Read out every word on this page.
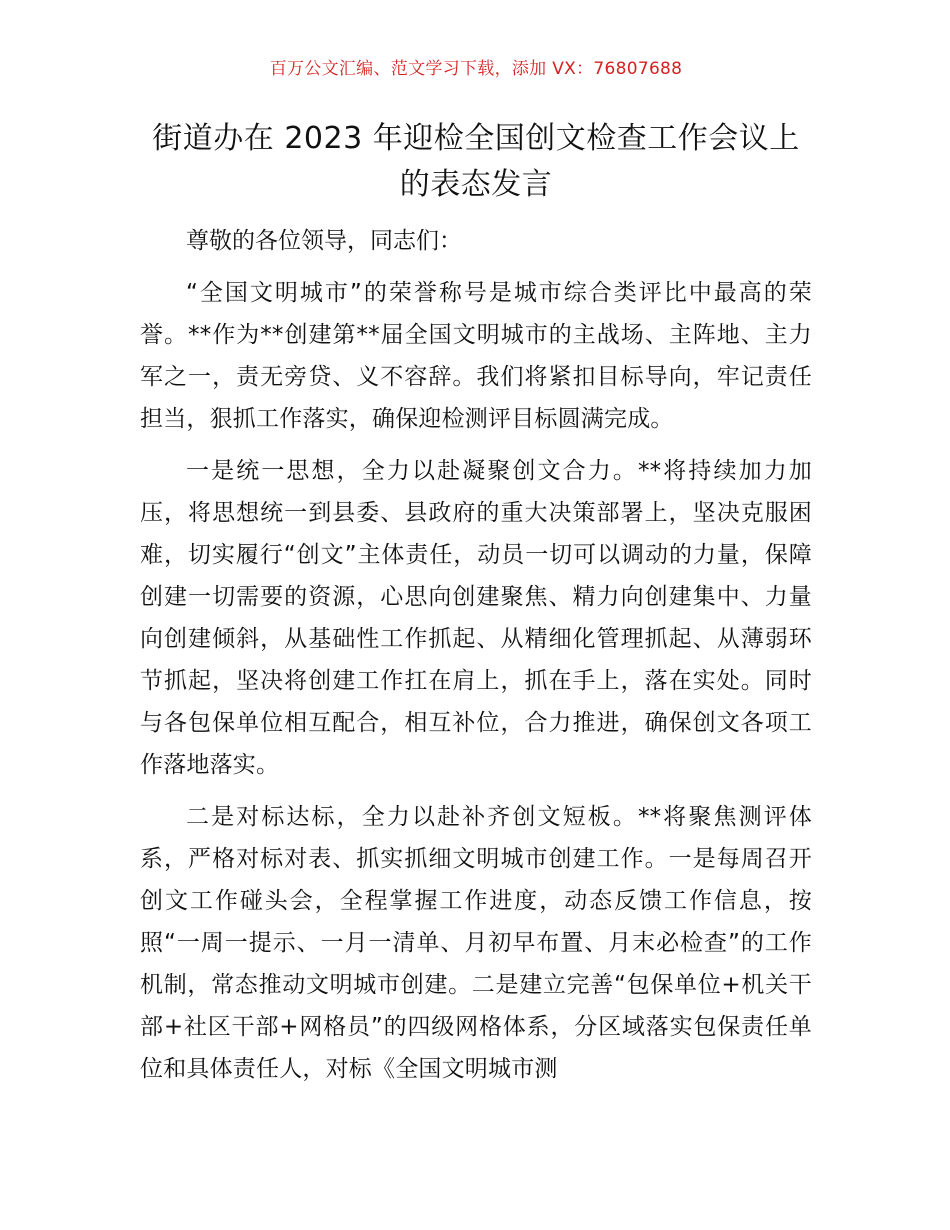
百万公文汇编、范文学习下载，添加 VX：76807688

街道办在 2023 年迎检全国创文检查工作会议上
的表态发言

尊敬的各位领导，同志们：

“全国文明城市”的荣誉称号是城市综合类评比中最高的荣誉。**作为**创建第**届全国文明城市的主战场、主阵地、主力军之一，责无旁贷、义不容辞。我们将紧扣目标导向，牢记责任担当，狠抓工作落实，确保迎检测评目标圆满完成。

一是统一思想，全力以赴凝聚创文合力。**将持续加力加压，将思想统一到县委、县政府的重大决策部署上，坚决克服困难，切实履行“创文”主体责任，动员一切可以调动的力量，保障创建一切需要的资源，心思向创建聚焦、精力向创建集中、力量向创建倾斜，从基础性工作抓起、从精细化管理抓起、从薄弱环节抓起，坚决将创建工作扛在肩上，抓在手上，落在实处。同时与各包保单位相互配合，相互补位，合力推进，确保创文各项工作落地落实。

二是对标达标，全力以赴补齐创文短板。**将聚焦测评体系，严格对标对表、抓实抓细文明城市创建工作。一是每周召开创文工作碰头会，全程掌握工作进度，动态反馈工作信息，按照“一周一提示、一月一清单、月初早布置、月末必检查”的工作机制，常态推动文明城市创建。二是建立完善“包保单位+机关干部+社区干部+网格员”的四级网格体系，分区域落实包保责任单位和具体责任人，对标《全国文明城市测
